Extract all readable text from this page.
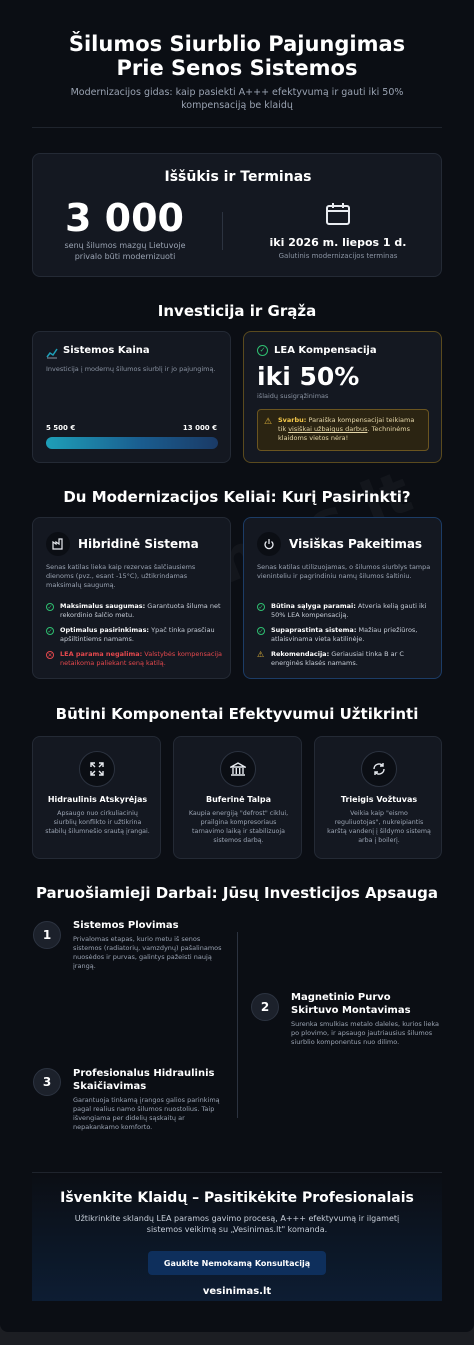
Šilumos Siurblio Pajungimas
Prie Senos Sistemos
Modernizacijos gidas: kaip pasiekti A+++ efektyvumą ir gauti iki 50% kompensaciją be klaidų
Iššūkis ir Terminas
3 000
senų šilumos mazgų Lietuvoje privalo būti modernizuoti
iki 2026 m. liepos 1 d.
Galutinis modernizacijos terminas
Investicija ir Grąža
Sistemos Kaina
Investicija į modernų šilumos siurblį ir jo pajungimą.
5 500 €	13 000 €
✓ LEA Kompensacija
iki 50%
išlaidų susigrąžinimas
⚠ Svarbu: Paraiška kompensacijai teikiama tik visiškai užbaigus darbus. Techninėms klaidoms vietos nėra!
Du Modernizacijos Keliai: Kurį Pasirinkti?
Hibridinė Sistema
Senas katilas lieka kaip rezervas šalčiausiems dienoms (pvz., esant -15°C), užtikrindamas maksimalų saugumą.
✓ Maksimalus saugumas: Garantuota šiluma net rekordinio šalčio metu.
✓ Optimalus pasirinkimas: Ypač tinka prasčiau apšiltintiems namams.
✕ LEA parama negalima: Valstybės kompensacija netaikoma paliekant seną katilą.
Visiškas Pakeitimas
Senas katilas utilizuojamas, o šilumos siurblys tampa vieninteliu ir pagrindiniu namų šilumos šaltiniu.
✓ Būtina sąlyga paramai: Atveria kelią gauti iki 50% LEA kompensaciją.
✓ Supaprastinta sistema: Mažiau priežiūros, atlaisvinama vieta katilinėje.
⚠ Rekomendacija: Geriausiai tinka B ar C energinės klasės namams.
Būtini Komponentai Efektyvumui Užtikrinti
Hidraulinis Atskyrėjas
Apsaugo nuo cirkuliacinių siurblių konflikto ir užtikrina stabilų šilumnešio srautą įrangai.
Buferinė Talpa
Kaupia energiją "defrost" ciklui, prailgina kompresoriaus tarnavimo laiką ir stabilizuoja sistemos darbą.
Trieigis Vožtuvas
Veikia kaip "eismo reguliuotojas", nukreipiantis karštą vandenį į šildymo sistemą arba į boilerį.
Paruošiamieji Darbai: Jūsų Investicijos Apsauga
1
Sistemos Plovimas
Privalomas etapas, kurio metu iš senos sistemos (radiatorių, vamzdynų) pašalinamos nuosėdos ir purvas, galintys pažeisti naują įrangą.
2
Magnetinio Purvo Skirtuvo Montavimas
Surenka smulkias metalo daleles, kurios lieka po plovimo, ir apsaugo jautriausius šilumos siurblio komponentus nuo dilimo.
3
Profesionalus Hidraulinis Skaičiavimas
Garantuoja tinkamą įrangos galios parinkimą pagal realius namo šilumos nuostolius. Taip išvengiama per didelių sąskaitų ar nepakankamo komforto.
Išvenkite Klaidų – Pasitikėkite Profesionalais
Užtikrinkite sklandų LEA paramos gavimo procesą, A+++ efektyvumą ir ilgametį sistemos veikimą su „Vesinimas.lt" komanda.
vesinimas.lt
Gaukite Nemokamą Konsultaciją
